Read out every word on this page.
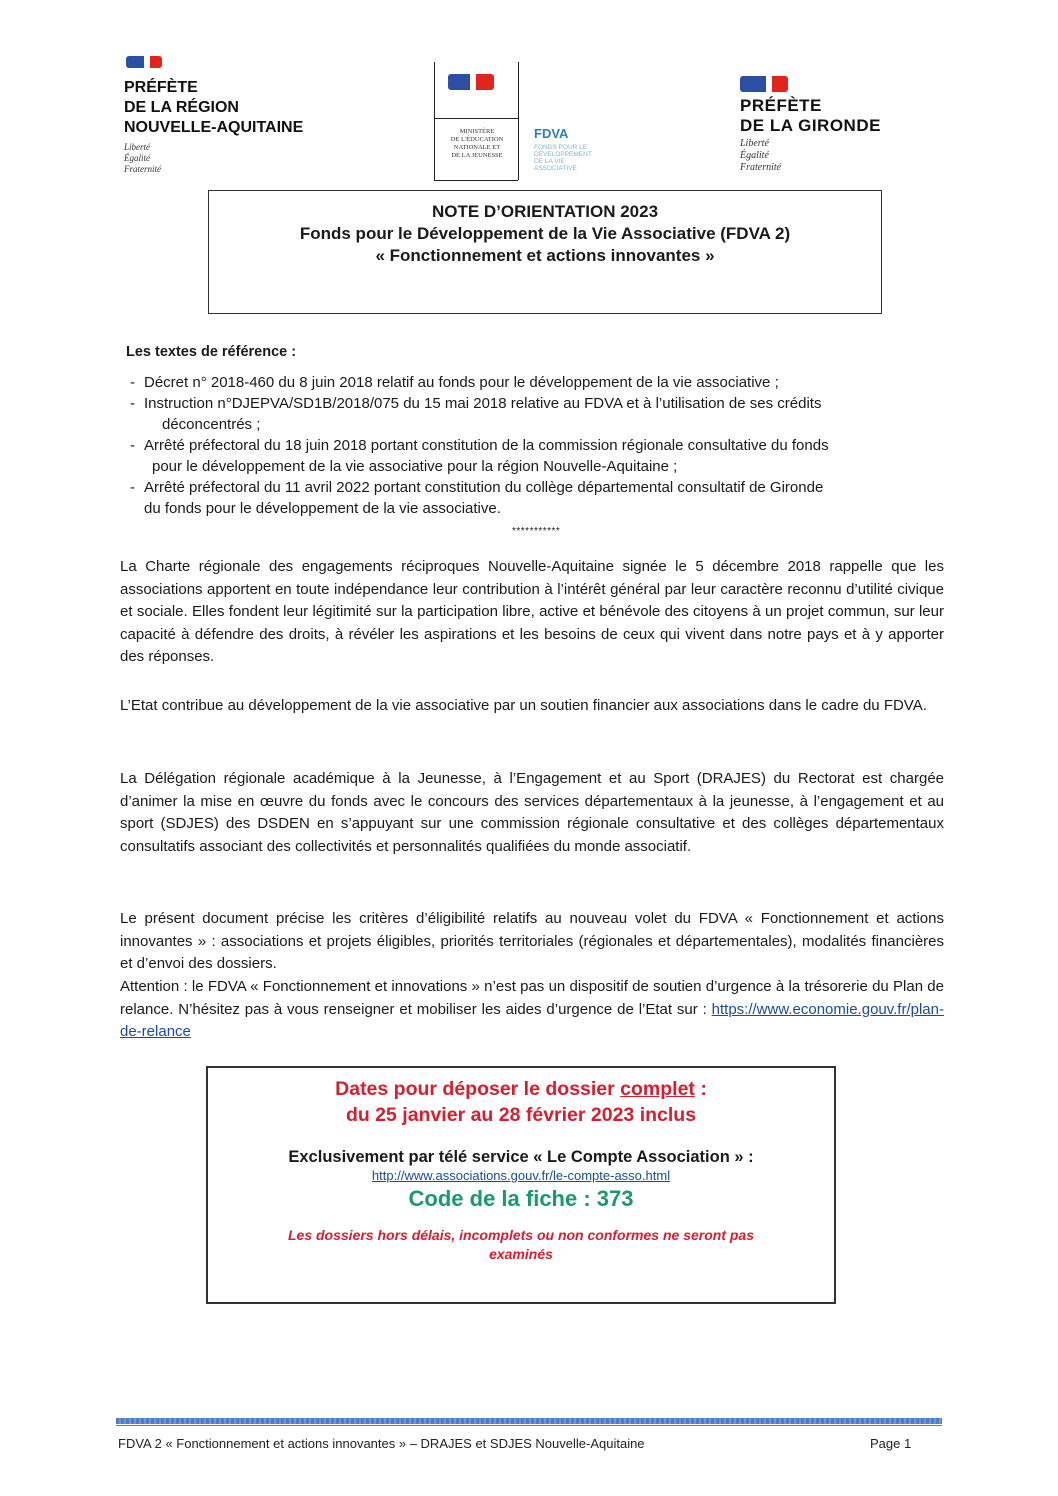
PRÉFÈTE
DE LA RÉGION
NOUVELLE-AQUITAINE
Liberté
Égalité
Fraternité
MINISTÈRE
DE L'ÉDUCATION
NATIONALE ET
DE LA JEUNESSE
FDVA
FONDS POUR LE
DÉVELOPPEMENT
DE LA VIE
ASSOCIATIVE
PRÉFÈTE
DE LA GIRONDE
Liberté
Égalité
Fraternité
NOTE D’ORIENTATION 2023
Fonds pour le Développement de la Vie Associative (FDVA 2)
« Fonctionnement et actions innovantes »
Les textes de référence :
- Décret n° 2018-460 du 8 juin 2018 relatif au fonds pour le développement de la vie associative ;
- Instruction n°DJEPVA/SD1B/2018/075 du 15 mai 2018 relative au FDVA et à l’utilisation de ses crédits
déconcentrés ;
- Arrêté préfectoral du 18 juin 2018 portant constitution de la commission régionale consultative du fonds
pour le développement de la vie associative pour la région Nouvelle-Aquitaine ;
- Arrêté préfectoral du 11 avril 2022 portant constitution du collège départemental consultatif de Gironde
du fonds pour le développement de la vie associative.
***********
La Charte régionale des engagements réciproques Nouvelle-Aquitaine signée le 5 décembre 2018 rappelle que les associations apportent en toute indépendance leur contribution à l’intérêt général par leur caractère reconnu d’utilité civique et sociale. Elles fondent leur légitimité sur la participation libre, active et bénévole des citoyens à un projet commun, sur leur capacité à défendre des droits, à révéler les aspirations et les besoins de ceux qui vivent dans notre pays et à y apporter des réponses.
L’Etat contribue au développement de la vie associative par un soutien financier aux associations dans le cadre du FDVA.
La Délégation régionale académique à la Jeunesse, à l’Engagement et au Sport (DRAJES) du Rectorat est chargée d’animer la mise en œuvre du fonds avec le concours des services départementaux à la jeunesse, à l’engagement et au sport (SDJES) des DSDEN en s’appuyant sur une commission régionale consultative et des collèges départementaux consultatifs associant des collectivités et personnalités qualifiées du monde associatif.
Le présent document précise les critères d’éligibilité relatifs au nouveau volet du FDVA « Fonctionnement et actions innovantes » : associations et projets éligibles, priorités territoriales (régionales et départementales), modalités financières et d’envoi des dossiers.
Attention : le FDVA « Fonctionnement et innovations » n’est pas un dispositif de soutien d’urgence à la trésorerie du Plan de relance. N’hésitez pas à vous renseigner et mobiliser les aides d’urgence de l’Etat sur : https://www.economie.gouv.fr/plan-de-relance
Dates pour déposer le dossier complet :
du 25 janvier au 28 février 2023 inclus
Exclusivement par télé service « Le Compte Association » :
http://www.associations.gouv.fr/le-compte-asso.html
Code de la fiche : 373
Les dossiers hors délais, incomplets ou non conformes ne seront pas
examinés
FDVA 2 « Fonctionnement et actions innovantes » – DRAJES et SDJES Nouvelle-Aquitaine	Page 1
